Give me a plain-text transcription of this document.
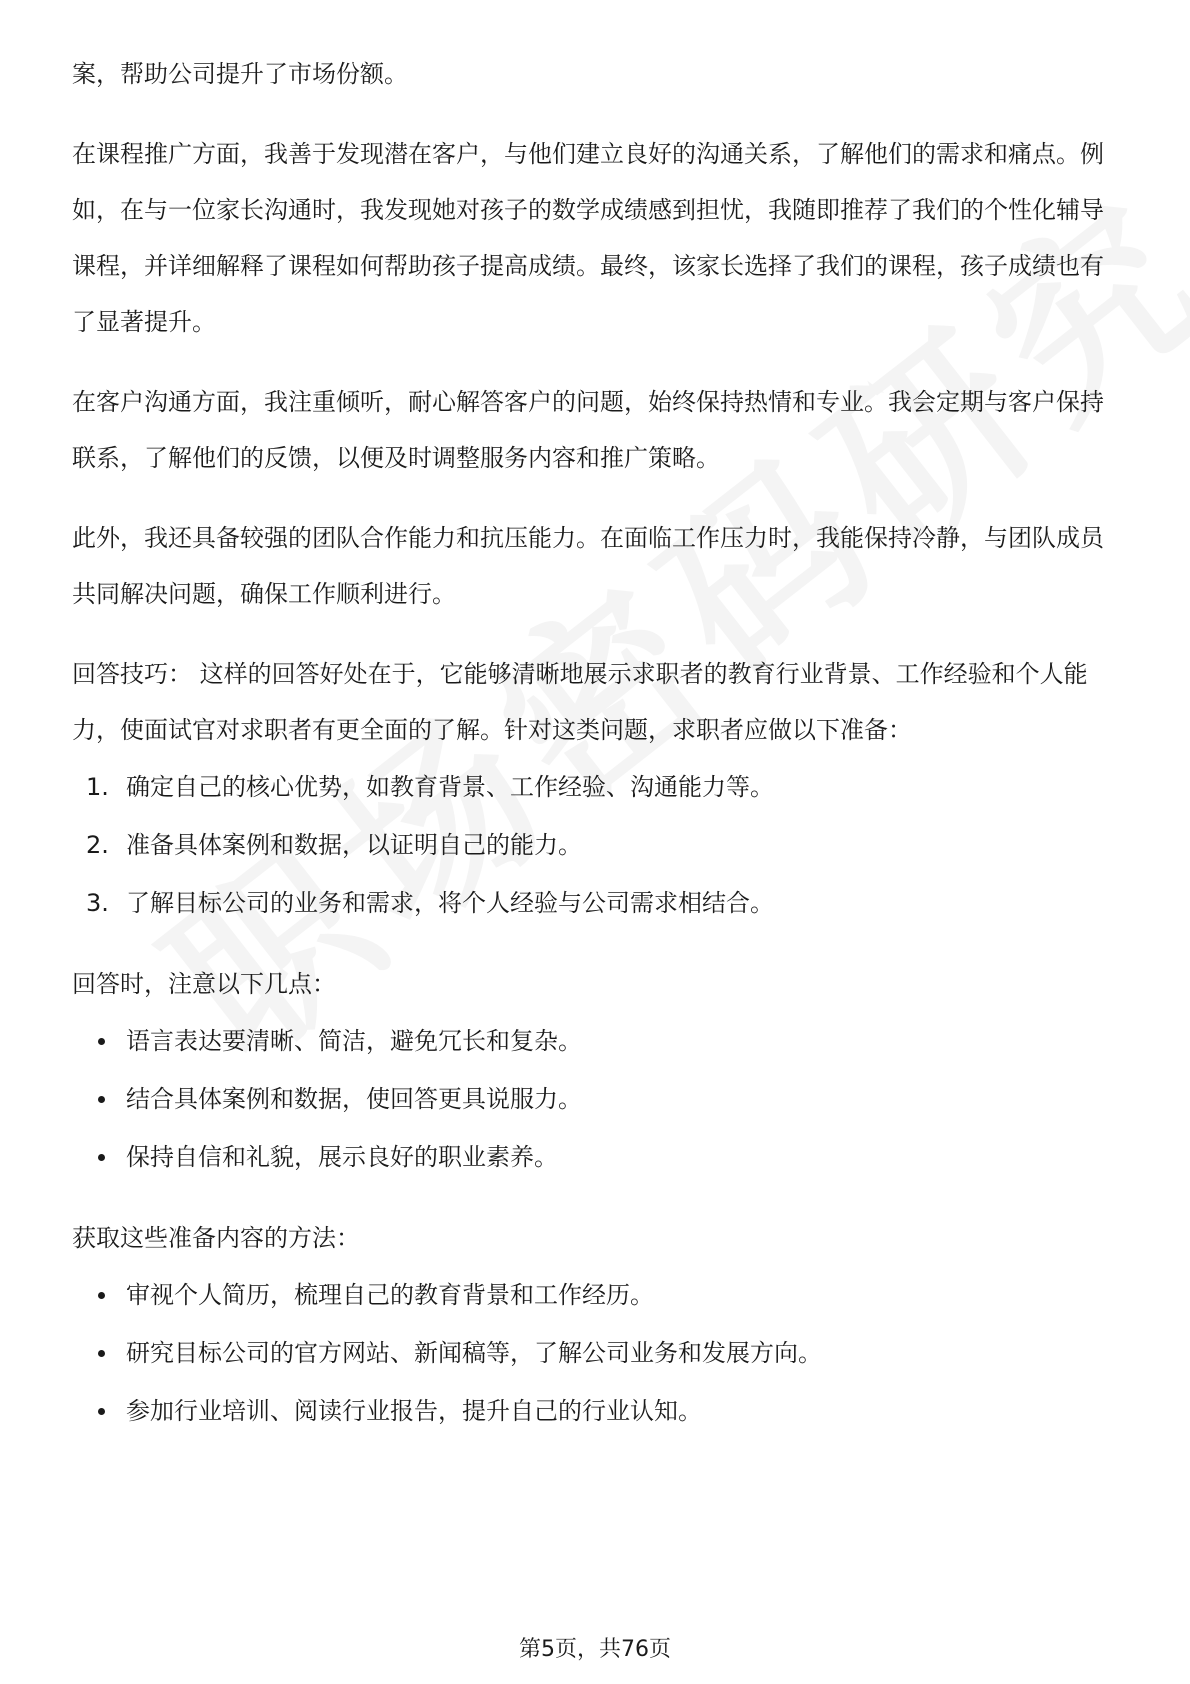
案，帮助公司提升了市场份额。

在课程推广方面，我善于发现潜在客户，与他们建立良好的沟通关系，了解他们的需求和痛点。例如，在与一位家长沟通时，我发现她对孩子的数学成绩感到担忧，我随即推荐了我们的个性化辅导课程，并详细解释了课程如何帮助孩子提高成绩。最终，该家长选择了我们的课程，孩子成绩也有了显著提升。

在客户沟通方面，我注重倾听，耐心解答客户的问题，始终保持热情和专业。我会定期与客户保持联系，了解他们的反馈，以便及时调整服务内容和推广策略。

此外，我还具备较强的团队合作能力和抗压能力。在面临工作压力时，我能保持冷静，与团队成员共同解决问题，确保工作顺利进行。

回答技巧： 这样的回答好处在于，它能够清晰地展示求职者的教育行业背景、工作经验和个人能力，使面试官对求职者有更全面的了解。针对这类问题，求职者应做以下准备：

1. 确定自己的核心优势，如教育背景、工作经验、沟通能力等。
2. 准备具体案例和数据，以证明自己的能力。
3. 了解目标公司的业务和需求，将个人经验与公司需求相结合。

回答时，注意以下几点：

语言表达要清晰、简洁，避免冗长和复杂。
结合具体案例和数据，使回答更具说服力。
保持自信和礼貌，展示良好的职业素养。

获取这些准备内容的方法：

审视个人简历，梳理自己的教育背景和工作经历。
研究目标公司的官方网站、新闻稿等，了解公司业务和发展方向。
参加行业培训、阅读行业报告，提升自己的行业认知。
第5页，共76页
